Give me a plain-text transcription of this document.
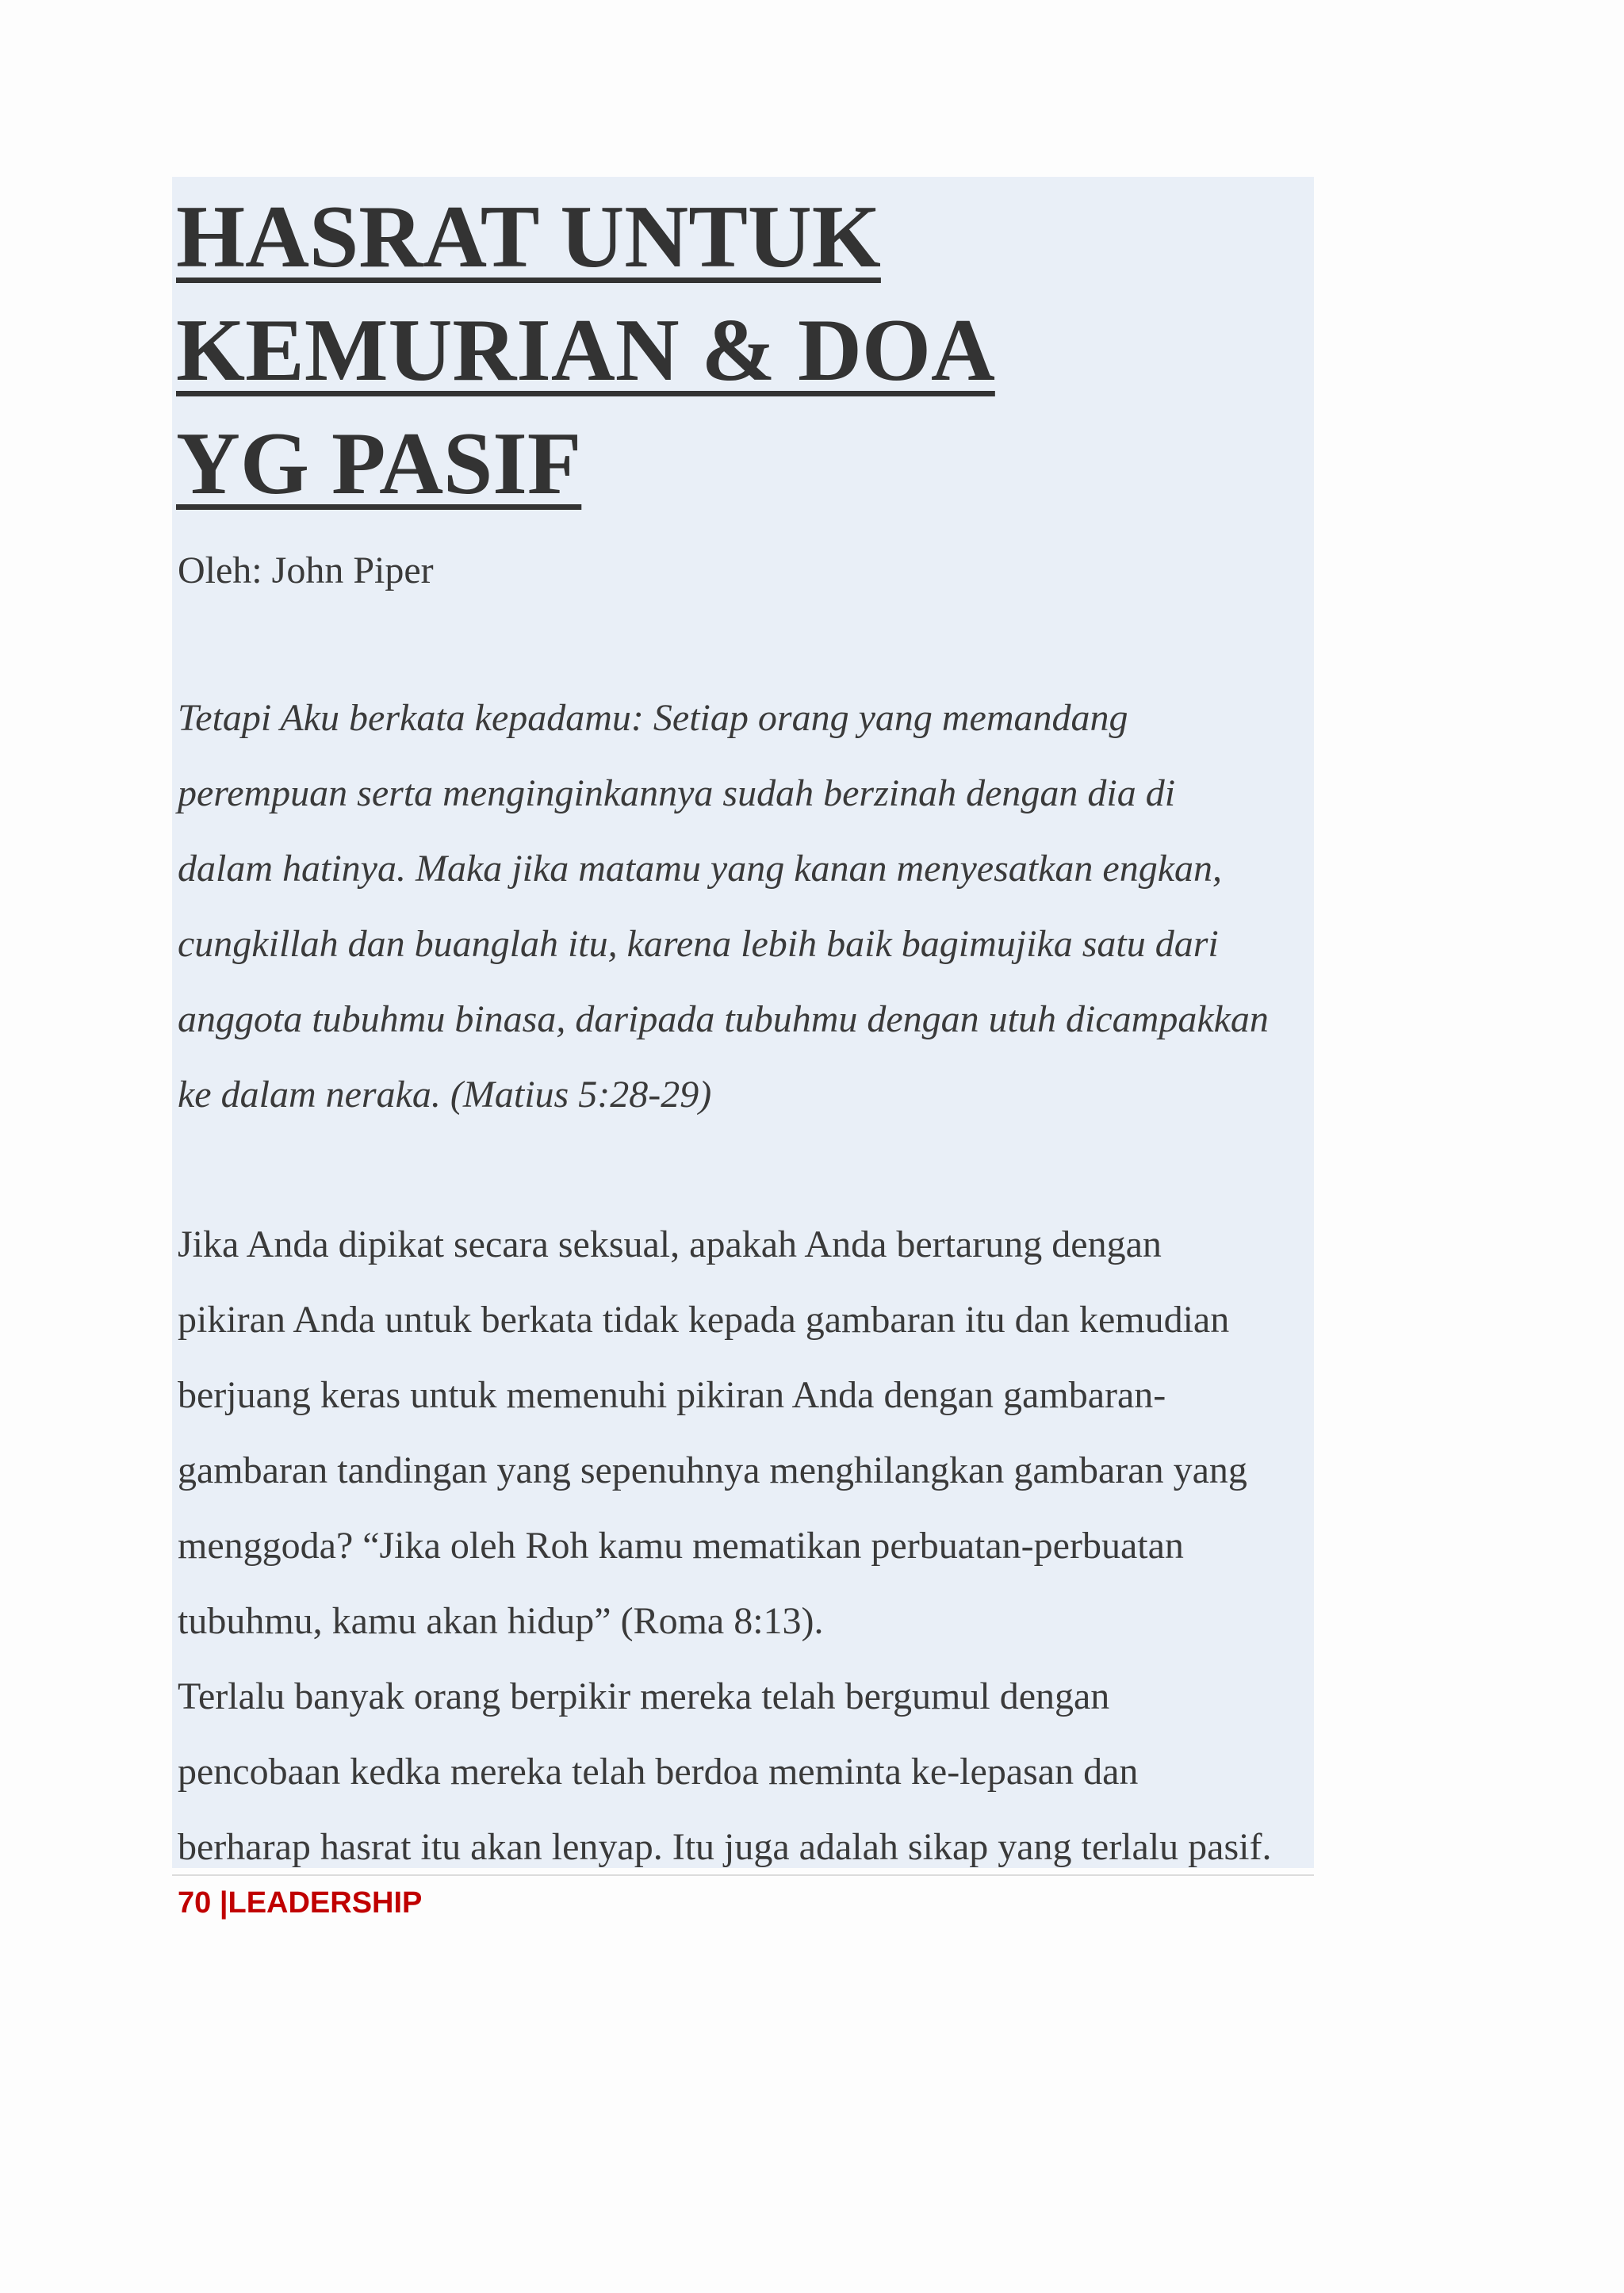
HASRAT UNTUK
KEMURIAN & DOA
YG PASIF
Oleh: John Piper
Tetapi Aku berkata kepadamu: Setiap orang yang memandang
perempuan serta menginginkannya sudah berzinah dengan dia di
dalam hatinya. Maka jika matamu yang kanan menyesatkan engkan,
cungkillah dan buanglah itu, karena lebih baik bagimujika satu dari
anggota tubuhmu binasa, daripada tubuhmu dengan utuh dicampakkan
ke dalam neraka. (Matius 5:28-29)
Jika Anda dipikat secara seksual, apakah Anda bertarung dengan
pikiran Anda untuk berkata tidak kepada gambaran itu dan kemudian
berjuang keras untuk memenuhi pikiran Anda dengan gambaran-
gambaran tandingan yang sepenuhnya menghilangkan gambaran yang
menggoda? “Jika oleh Roh kamu mematikan perbuatan-perbuatan
tubuhmu, kamu akan hidup” (Roma 8:13).
Terlalu banyak orang berpikir mereka telah bergumul dengan
pencobaan kedka mereka telah berdoa meminta ke-lepasan dan
berharap hasrat itu akan lenyap. Itu juga adalah sikap yang terlalu pasif.
70 |LEADERSHIP
